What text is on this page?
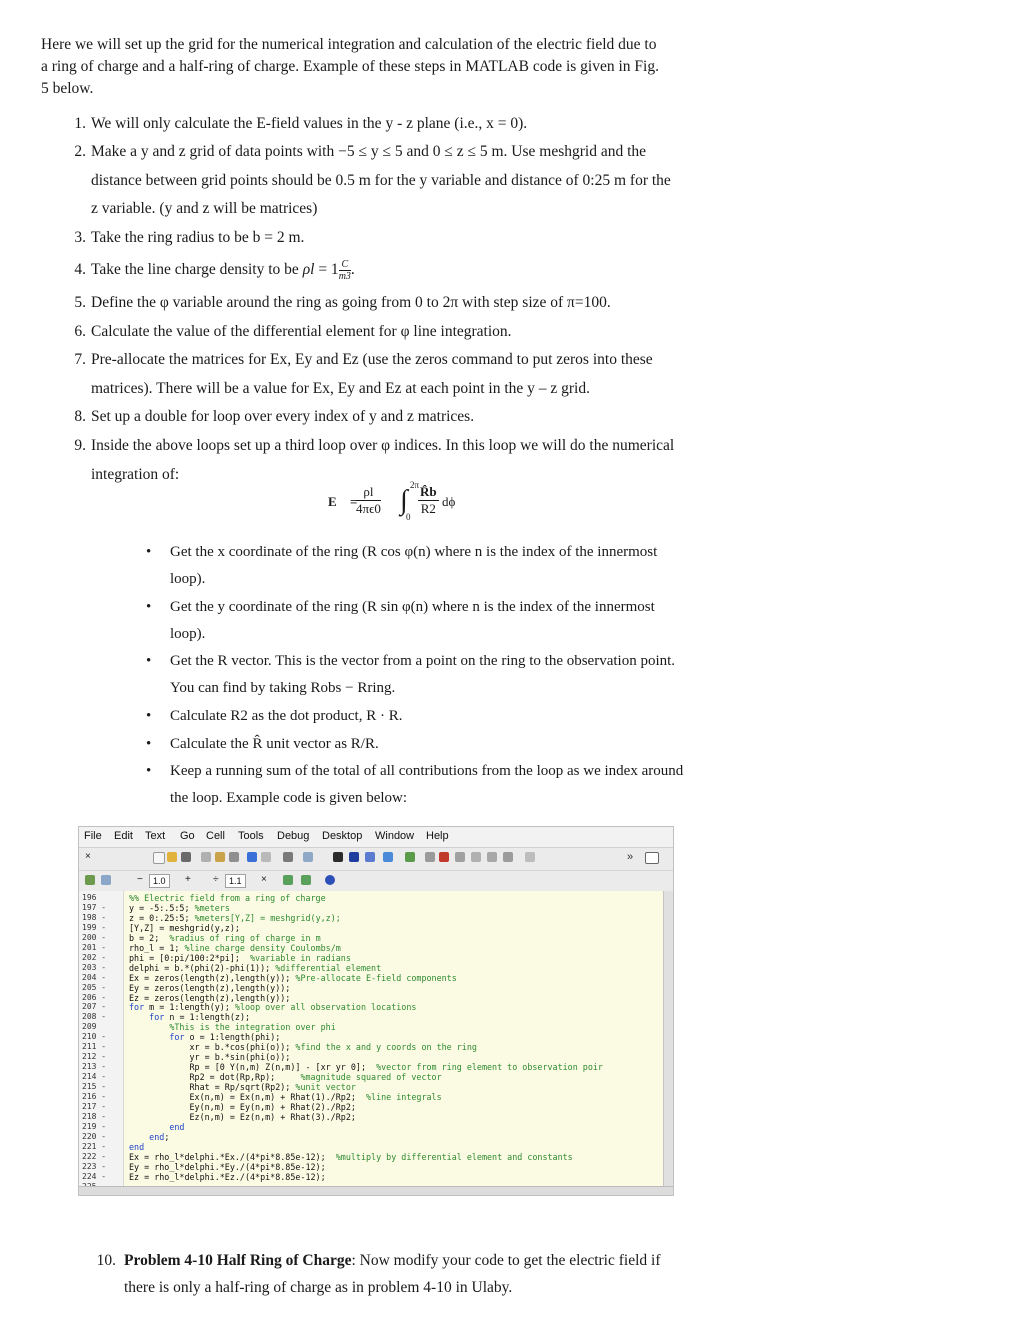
Here we will set up the grid for the numerical integration and calculation of the electric field due to a ring of charge and a half-ring of charge. Example of these steps in MATLAB code is given in Fig. 5 below.
1. We will only calculate the E-field values in the y - z plane (i.e., x = 0).
2. Make a y and z grid of data points with −5 ≤ y ≤ 5 and 0 ≤ z ≤ 5 m. Use meshgrid and the distance between grid points should be 0.5 m for the y variable and distance of 0:25 m for the z variable. (y and z will be matrices)
3. Take the ring radius to be b = 2 m.
4. Take the line charge density to be $\rho l = 1 \frac{C}{m3}$ .
5. Define the φ variable around the ring as going from 0 to 2π with step size of π=100.
6. Calculate the value of the differential element for φ line integration.
7. Pre-allocate the matrices for Ex, Ey and Ez (use the zeros command to put zeros into these matrices). There will be a value for Ex, Ey and Ez at each point in the y – z grid.
8. Set up a double for loop over every index of y and z matrices.
9. Inside the above loops set up a third loop over φ indices. In this loop we will do the numerical integration of:
E⃗ =
$\frac{\rho l}{4\pi\epsilon 0}$ ∫ 2π
$0 \frac{R̂b}{R2}$ dϕ
• Get the x coordinate of the ring (R cos φ(n) where n is the index of the innermost loop).
• Get the y coordinate of the ring (R sin φ(n) where n is the index of the innermost loop).
• Get the R vector. This is the vector from a point on the ring to the observation point. You can find by taking Robs − Rring.
• Calculate R2 as the dot product, R · R.
• Calculate the R̂ unit vector as R/R.
• Keep a running sum of the total of all contributions from the loop as we index around the loop. Example code is given below:
File Edit Text Go Cell Tools Debug Desktop Window Help
×	»
−	1.0	+ ÷	1.1	×
196
197 -
198 -
199 -
200 -
201 -
202 -
203 -
204 -
205 -
206 -
207 -
208 -
209
210 -
211 -
212 -
213 -
214 -
215 -
216 -
217 -
218 -
219 -
220 -
221 -
222 -
223 -
224 -
%% Electric field from a ring of charge
y = -5:.5:5; %meters
z = 0:.25:5; %meters[Y,Z] = meshgrid(y,z);
[Y,Z] = meshgrid(y,z);
b = 2;  %radius of ring of charge in m
rho_l = 1; %line charge density Coulombs/m
phi = [0:pi/100:2*pi];  %variable in radians
delphi = b.*(phi(2)-phi(1)); %differential element
Ex = zeros(length(z),length(y)); %Pre-allocate E-field components
Ey = zeros(length(z),length(y));
Ez = zeros(length(z),length(y));
for m = 1:length(y); %loop over all observation locations
for n = 1:length(z);
%This is the integration over phi
for o = 1:length(phi);
xr = b.*cos(phi(o)); %find the x and y coords on the ring
yr = b.*sin(phi(o));
Rp = [0 Y(n,m) Z(n,m)] - [xr yr 0];  %vector from ring element to observation poir
Rp2 = dot(Rp,Rp);     %magnitude squared of vector
Rhat = Rp/sqrt(Rp2); %unit vector
Ex(n,m) = Ex(n,m) + Rhat(1)./Rp2;  %line integrals
Ey(n,m) = Ey(n,m) + Rhat(2)./Rp2;
Ez(n,m) = Ez(n,m) + Rhat(3)./Rp2;
end
end;
end
Ex = rho_l*delphi.*Ex./(4*pi*8.85e-12);  %multiply by differential element and constants
Ey = rho_l*delphi.*Ey./(4*pi*8.85e-12);
Ez = rho_l*delphi.*Ez./(4*pi*8.85e-12);
10. Problem 4-10 Half Ring of Charge: Now modify your code to get the electric field if there is only a half-ring of charge as in problem 4-10 in Ulaby.
